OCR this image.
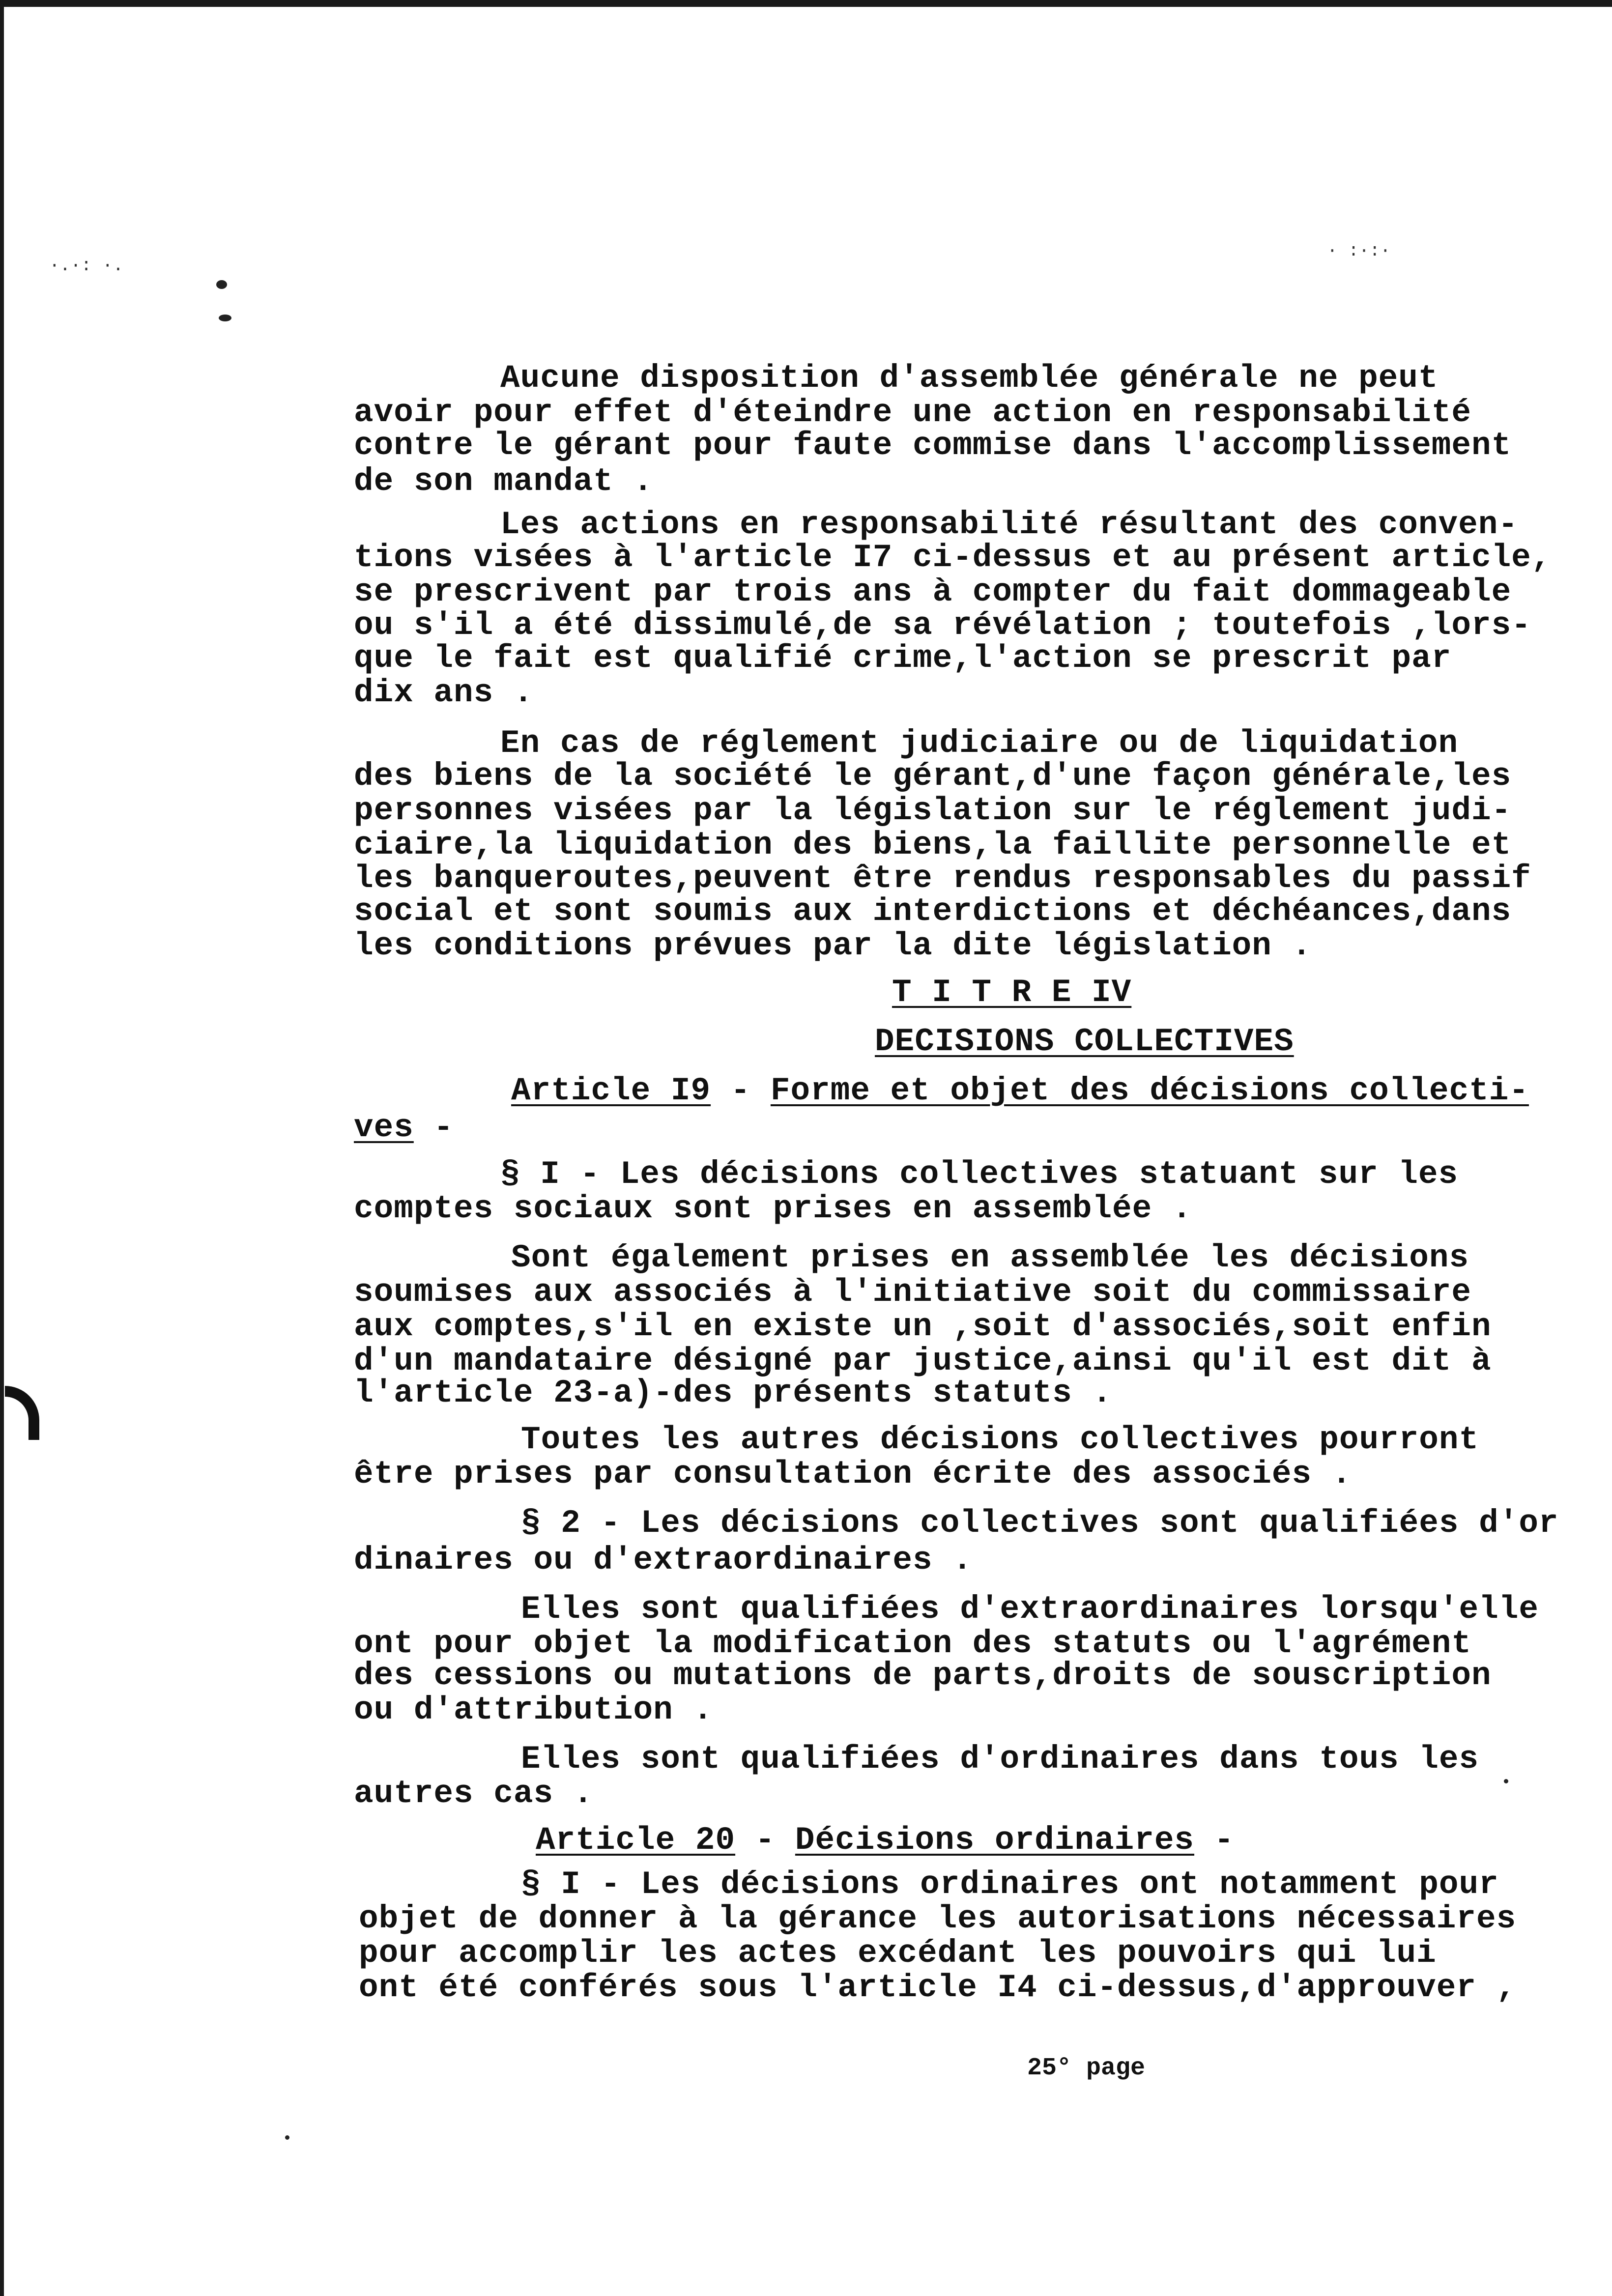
·.·: ·.
· :·:·
Aucune disposition d'assemblée générale ne peut
avoir pour effet d'éteindre une action en responsabilité
contre le gérant pour faute commise dans l'accomplissement
de son mandat .
Les actions en responsabilité résultant des conven-
tions visées à l'article I7 ci-dessus et au présent article,
se prescrivent par trois ans à compter du fait dommageable
ou s'il a été dissimulé,de sa révélation ; toutefois ,lors-
que le fait est qualifié crime,l'action se prescrit par
dix ans .
En cas de réglement judiciaire ou de liquidation
des biens de la société le gérant,d'une façon générale,les
personnes visées par la législation sur le réglement judi-
ciaire,la liquidation des biens,la faillite personnelle et
les banqueroutes,peuvent être rendus responsables du passif
social et sont soumis aux interdictions et déchéances,dans
les conditions prévues par la dite législation .
T I T R E IV
DECISIONS COLLECTIVES
Article I9 - Forme et objet des décisions collecti-
ves -
§ I - Les décisions collectives statuant sur les
comptes sociaux sont prises en assemblée .
Sont également prises en assemblée les décisions
soumises aux associés à l'initiative soit du commissaire
aux comptes,s'il en existe un ,soit d'associés,soit enfin
d'un mandataire désigné par justice,ainsi qu'il est dit à
l'article 23-a)-des présents statuts .
Toutes les autres décisions collectives pourront
être prises par consultation écrite des associés .
§ 2 - Les décisions collectives sont qualifiées d'or
dinaires ou d'extraordinaires .
Elles sont qualifiées d'extraordinaires lorsqu'elle
ont pour objet la modification des statuts ou l'agrément
des cessions ou mutations de parts,droits de souscription
ou d'attribution .
Elles sont qualifiées d'ordinaires dans tous les
autres cas .
Article 20 - Décisions ordinaires -
§ I - Les décisions ordinaires ont notamment pour
objet de donner à la gérance les autorisations nécessaires
pour accomplir les actes excédant les pouvoirs qui lui
ont été conférés sous l'article I4 ci-dessus,d'approuver ,
25° page
